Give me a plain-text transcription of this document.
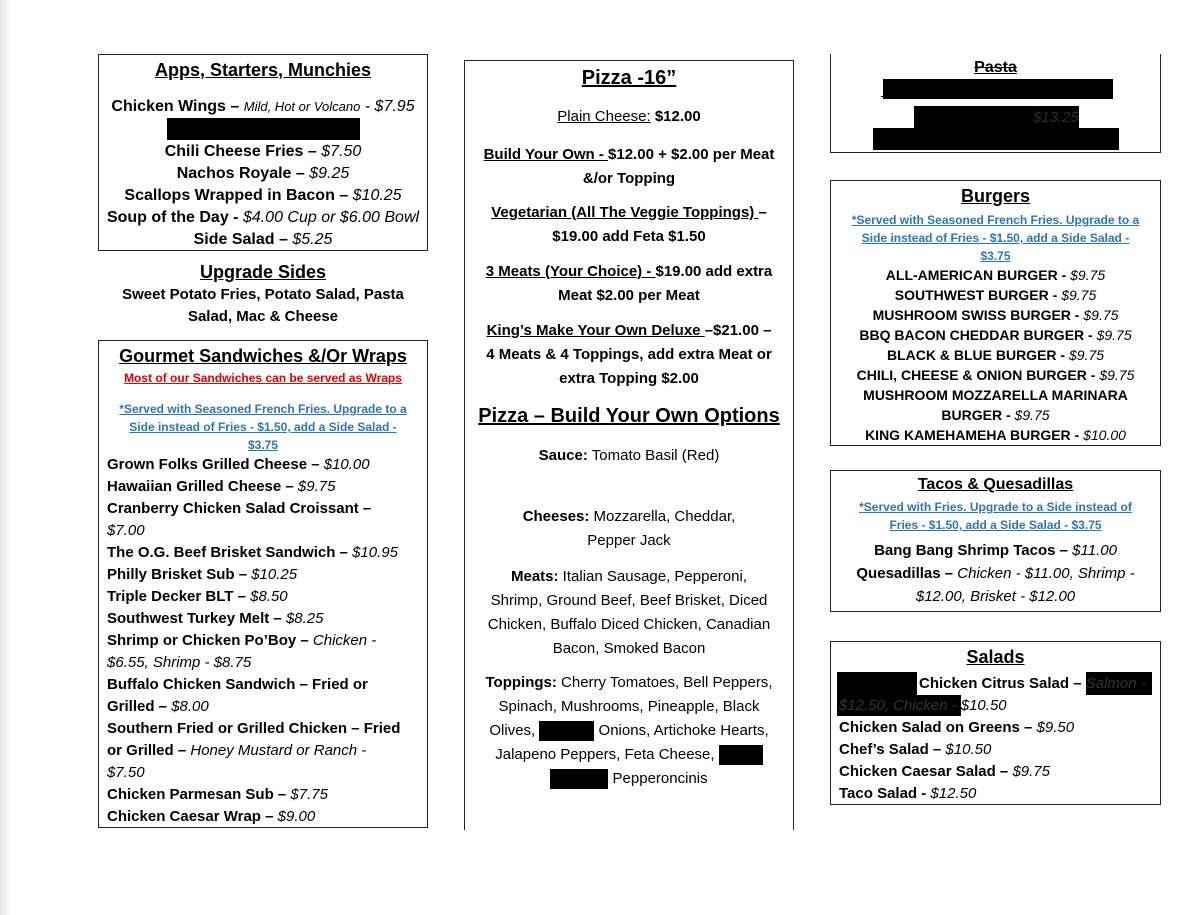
Apps, Starters, Munchies
Chicken Wings – Mild, Hot or Volcano - $7.95
Chili Cheese Fries – $7.50
Nachos Royale – $9.25
Scallops Wrapped in Bacon – $10.25
Soup of the Day - $4.00 Cup or $6.00 Bowl
Side Salad – $5.25
Upgrade Sides
Sweet Potato Fries, Potato Salad, Pasta
Salad, Mac & Cheese
Gourmet Sandwiches &/Or Wraps
Most of our Sandwiches can be served as Wraps
*Served with Seasoned French Fries. Upgrade to a
Side instead of Fries - $1.50, add a Side Salad -
$3.75
Grown Folks Grilled Cheese – $10.00
Hawaiian Grilled Cheese – $9.75
Cranberry Chicken Salad Croissant –
$7.00
The O.G. Beef Brisket Sandwich – $10.95
Philly Brisket Sub – $10.25
Triple Decker BLT – $8.50
Southwest Turkey Melt – $8.25
Shrimp or Chicken Po’Boy – Chicken -
$6.55, Shrimp - $8.75
Buffalo Chicken Sandwich – Fried or
Grilled – $8.00
Southern Fried or Grilled Chicken – Fried
or Grilled – Honey Mustard or Ranch -
$7.50
Chicken Parmesan Sub – $7.75
Chicken Caesar Wrap – $9.00
Pizza -16”
Plain Cheese: $12.00
Build Your Own - $12.00 + $2.00 per Meat
&/or Topping
Vegetarian (All The Veggie Toppings) –
$19.00 add Feta $1.50
3 Meats (Your Choice) - $19.00 add extra
Meat $2.00 per Meat
King’s Make Your Own Deluxe –$21.00 –
4 Meats & 4 Toppings, add extra Meat or
extra Topping $2.00
Pizza – Build Your Own Options
Sauce: Tomato Basil (Red)
Cheeses: Mozzarella, Cheddar,
Pepper Jack
Meats: Italian Sausage, Pepperoni,
Shrimp, Ground Beef, Beef Brisket, Diced
Chicken, Buffalo Diced Chicken, Canadian
Bacon, Smoked Bacon
Toppings: Cherry Tomatoes, Bell Peppers,
Spinach, Mushrooms, Pineapple, Black
Olives,	Onions, Artichoke Hearts,
Jalapeno Peppers, Feta Cheese,
Pepperoncinis
Pasta
$13.25
Burgers
*Served with Seasoned French Fries. Upgrade to a
Side instead of Fries - $1.50, add a Side Salad -
$3.75
ALL-AMERICAN BURGER - $9.75
SOUTHWEST BURGER - $9.75
MUSHROOM SWISS BURGER - $9.75
BBQ BACON CHEDDAR BURGER - $9.75
BLACK & BLUE BURGER - $9.75
CHILI, CHEESE & ONION BURGER - $9.75
MUSHROOM MOZZARELLA MARINARA
BURGER - $9.75
KING KAMEHAMEHA BURGER - $10.00
Tacos & Quesadillas
*Served with Fries. Upgrade to a Side instead of
Fries - $1.50, add a Side Salad - $3.75
Bang Bang Shrimp Tacos – $11.00
Quesadillas – Chicken - $11.00, Shrimp -
$12.00, Brisket - $12.00
Salads
Chicken Citrus Salad – Salmon -
$12.50, Chicken - $10.50
Chicken Salad on Greens – $9.50
Chef’s Salad – $10.50
Chicken Caesar Salad – $9.75
Taco Salad - $12.50
